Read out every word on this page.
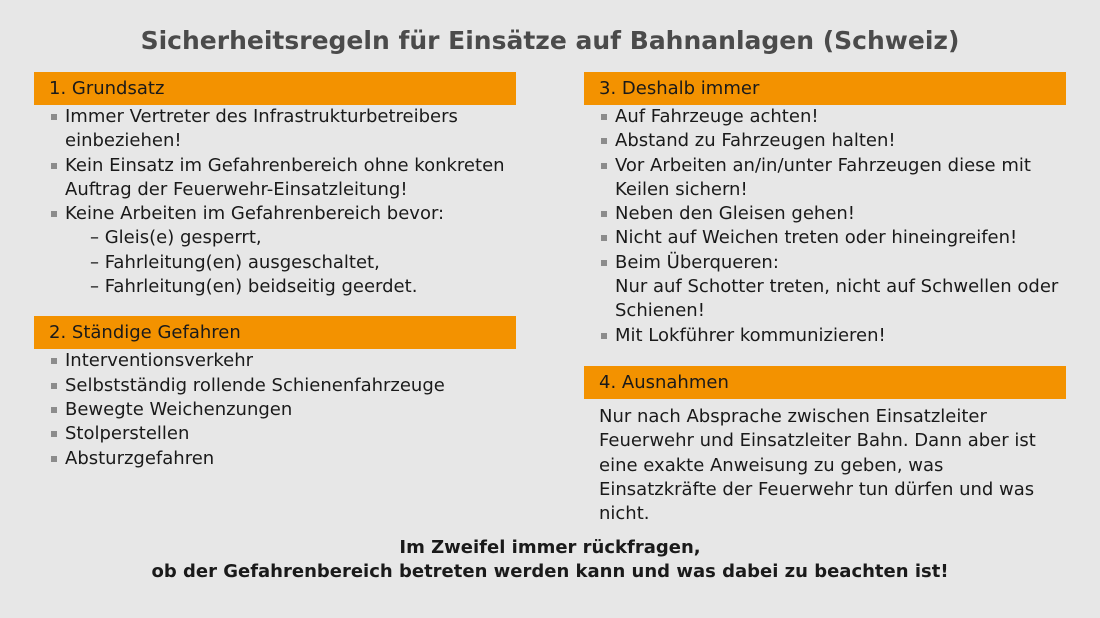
Sicherheitsregeln für Einsätze auf Bahnanlagen (Schweiz)
1. Grundsatz
Immer Vertreter des Infrastrukturbetreibers einbeziehen!
Kein Einsatz im Gefahrenbereich ohne konkreten Auftrag der Feuerwehr-Einsatzleitung!
Keine Arbeiten im Gefahrenbereich bevor:
– Gleis(e) gesperrt,
– Fahrleitung(en) ausgeschaltet,
– Fahrleitung(en) beidseitig geerdet.
2. Ständige Gefahren
Interventionsverkehr
Selbstständig rollende Schienenfahrzeuge
Bewegte Weichenzungen
Stolperstellen
Absturzgefahren
3. Deshalb immer
Auf Fahrzeuge achten!
Abstand zu Fahrzeugen halten!
Vor Arbeiten an/in/unter Fahrzeugen diese mit Keilen sichern!
Neben den Gleisen gehen!
Nicht auf Weichen treten oder hineingreifen!
Beim Überqueren:
Nur auf Schotter treten, nicht auf Schwellen oder Schienen!
Mit Lokführer kommunizieren!
4. Ausnahmen
Nur nach Absprache zwischen Einsatzleiter Feuerwehr und Einsatzleiter Bahn. Dann aber ist eine exakte Anweisung zu geben, was Einsatzkräfte der Feuerwehr tun dürfen und was nicht.
Im Zweifel immer rückfragen,
ob der Gefahrenbereich betreten werden kann und was dabei zu beachten ist!
